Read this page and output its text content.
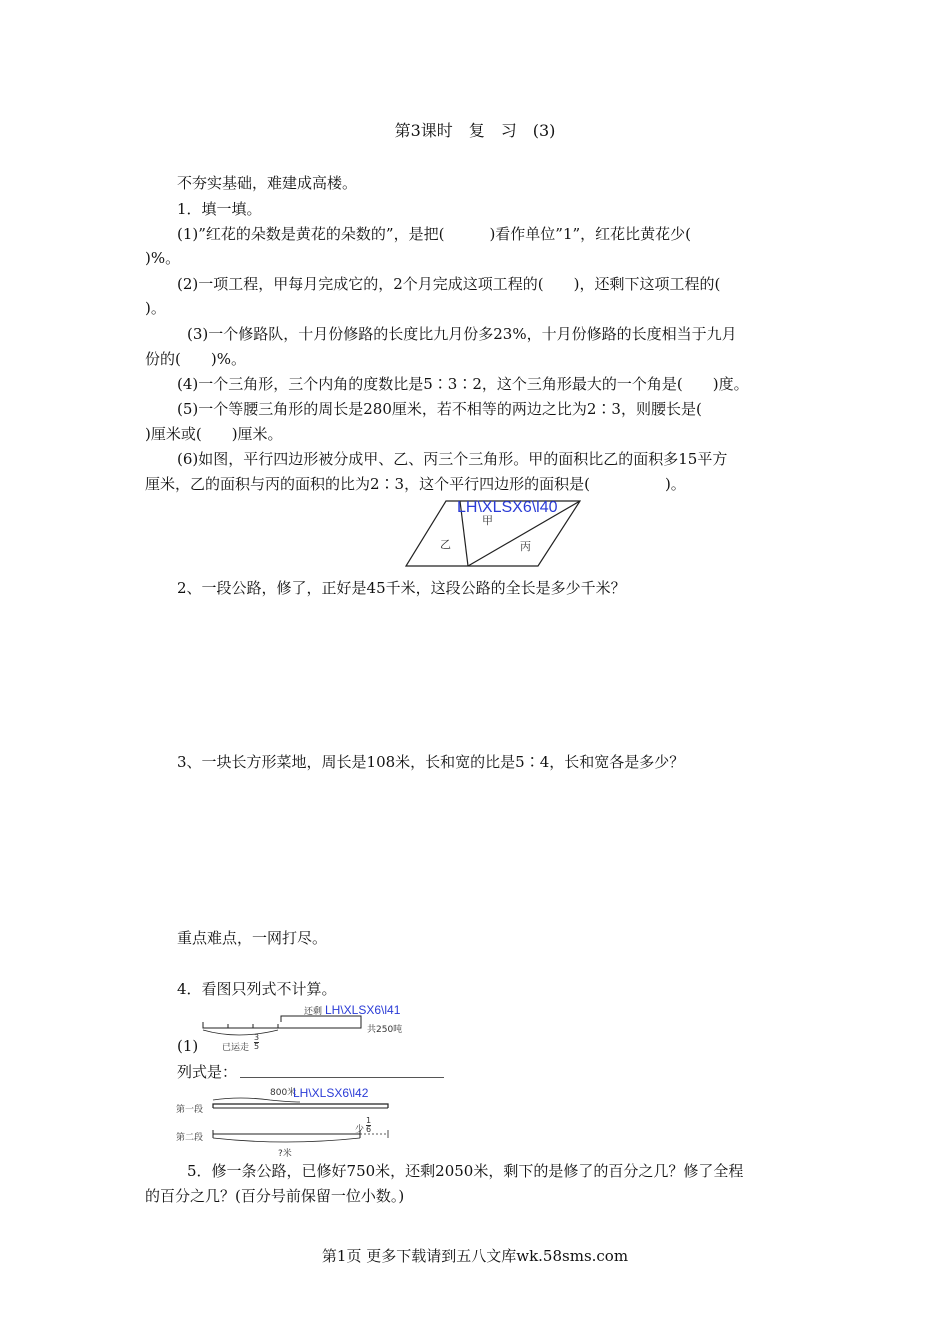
第3课时　复　习　(3)
不夯实基础，难建成高楼。
1．填一填。
(1)”红花的朵数是黄花的朵数的”，是把(　　　)看作单位”1”，红花比黄花少(
)%。
(2)一项工程，甲每月完成它的，2个月完成这项工程的(　　)，还剩下这项工程的(
)。
(3)一个修路队，十月份修路的长度比九月份多23%，十月份修路的长度相当于九月
份的(　　)%。
(4)一个三角形，三个内角的度数比是5∶3∶2，这个三角形最大的一个角是(　　)度。
(5)一个等腰三角形的周长是280厘米，若不相等的两边之比为2∶3，则腰长是(
)厘米或(　　)厘米。
(6)如图，平行四边形被分成甲、乙、丙三个三角形。甲的面积比乙的面积多15平方
厘米，乙的面积与丙的面积的比为2∶3，这个平行四边形的面积是(　　　　　)。
甲
乙	丙
LH\XLSX6\l40
2、一段公路，修了，正好是45千米，这段公路的全长是多少千米？
3、一块长方形菜地，周长是108米，长和宽的比是5∶4，长和宽各是多少？
重点难点，一网打尽。
4．看图只列式不计算。
还剩 LH\XLSX6\l41
共250吨
已运走
3
5
(1)
列式是：
800米
LH\XLSX6\l42
第一段
第二段
少
1
6
?米
5．修一条公路，已修好750米，还剩2050米，剩下的是修了的百分之几？修了全程
的百分之几？(百分号前保留一位小数。)
第1页 更多下载请到五八文库wk.58sms.com
